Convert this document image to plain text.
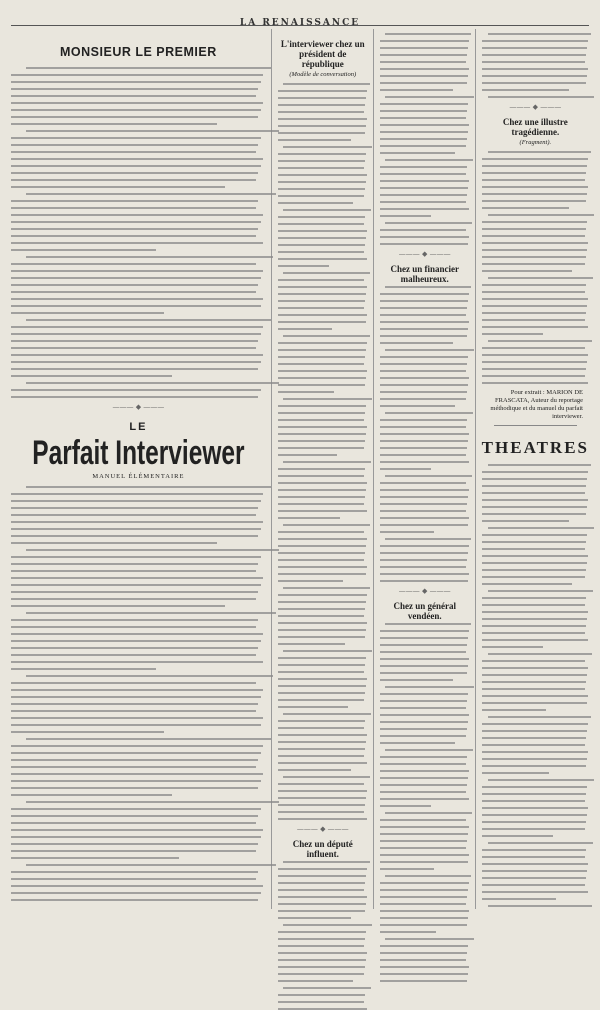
LA RENAISSANCE
MONSIEUR LE PREMIER
——— ◆ ———
LE
Parfait Interviewer
MANUEL ÉLÉMENTAIRE
L'interviewer chez un président de république
(Modèle de conversation)
——— ◆ ———
Chez un député influent.
——— ◆ ———
Chez un financier malheureux.
——— ◆ ———
Chez un général vendéen.
——— ◆ ———
Chez une illustre tragédienne.
(Fragment).
Pour extrait : MARION DE FRASCATA, Auteur du reportage méthodique et du manuel du parfait interviewer.
THEATRES
